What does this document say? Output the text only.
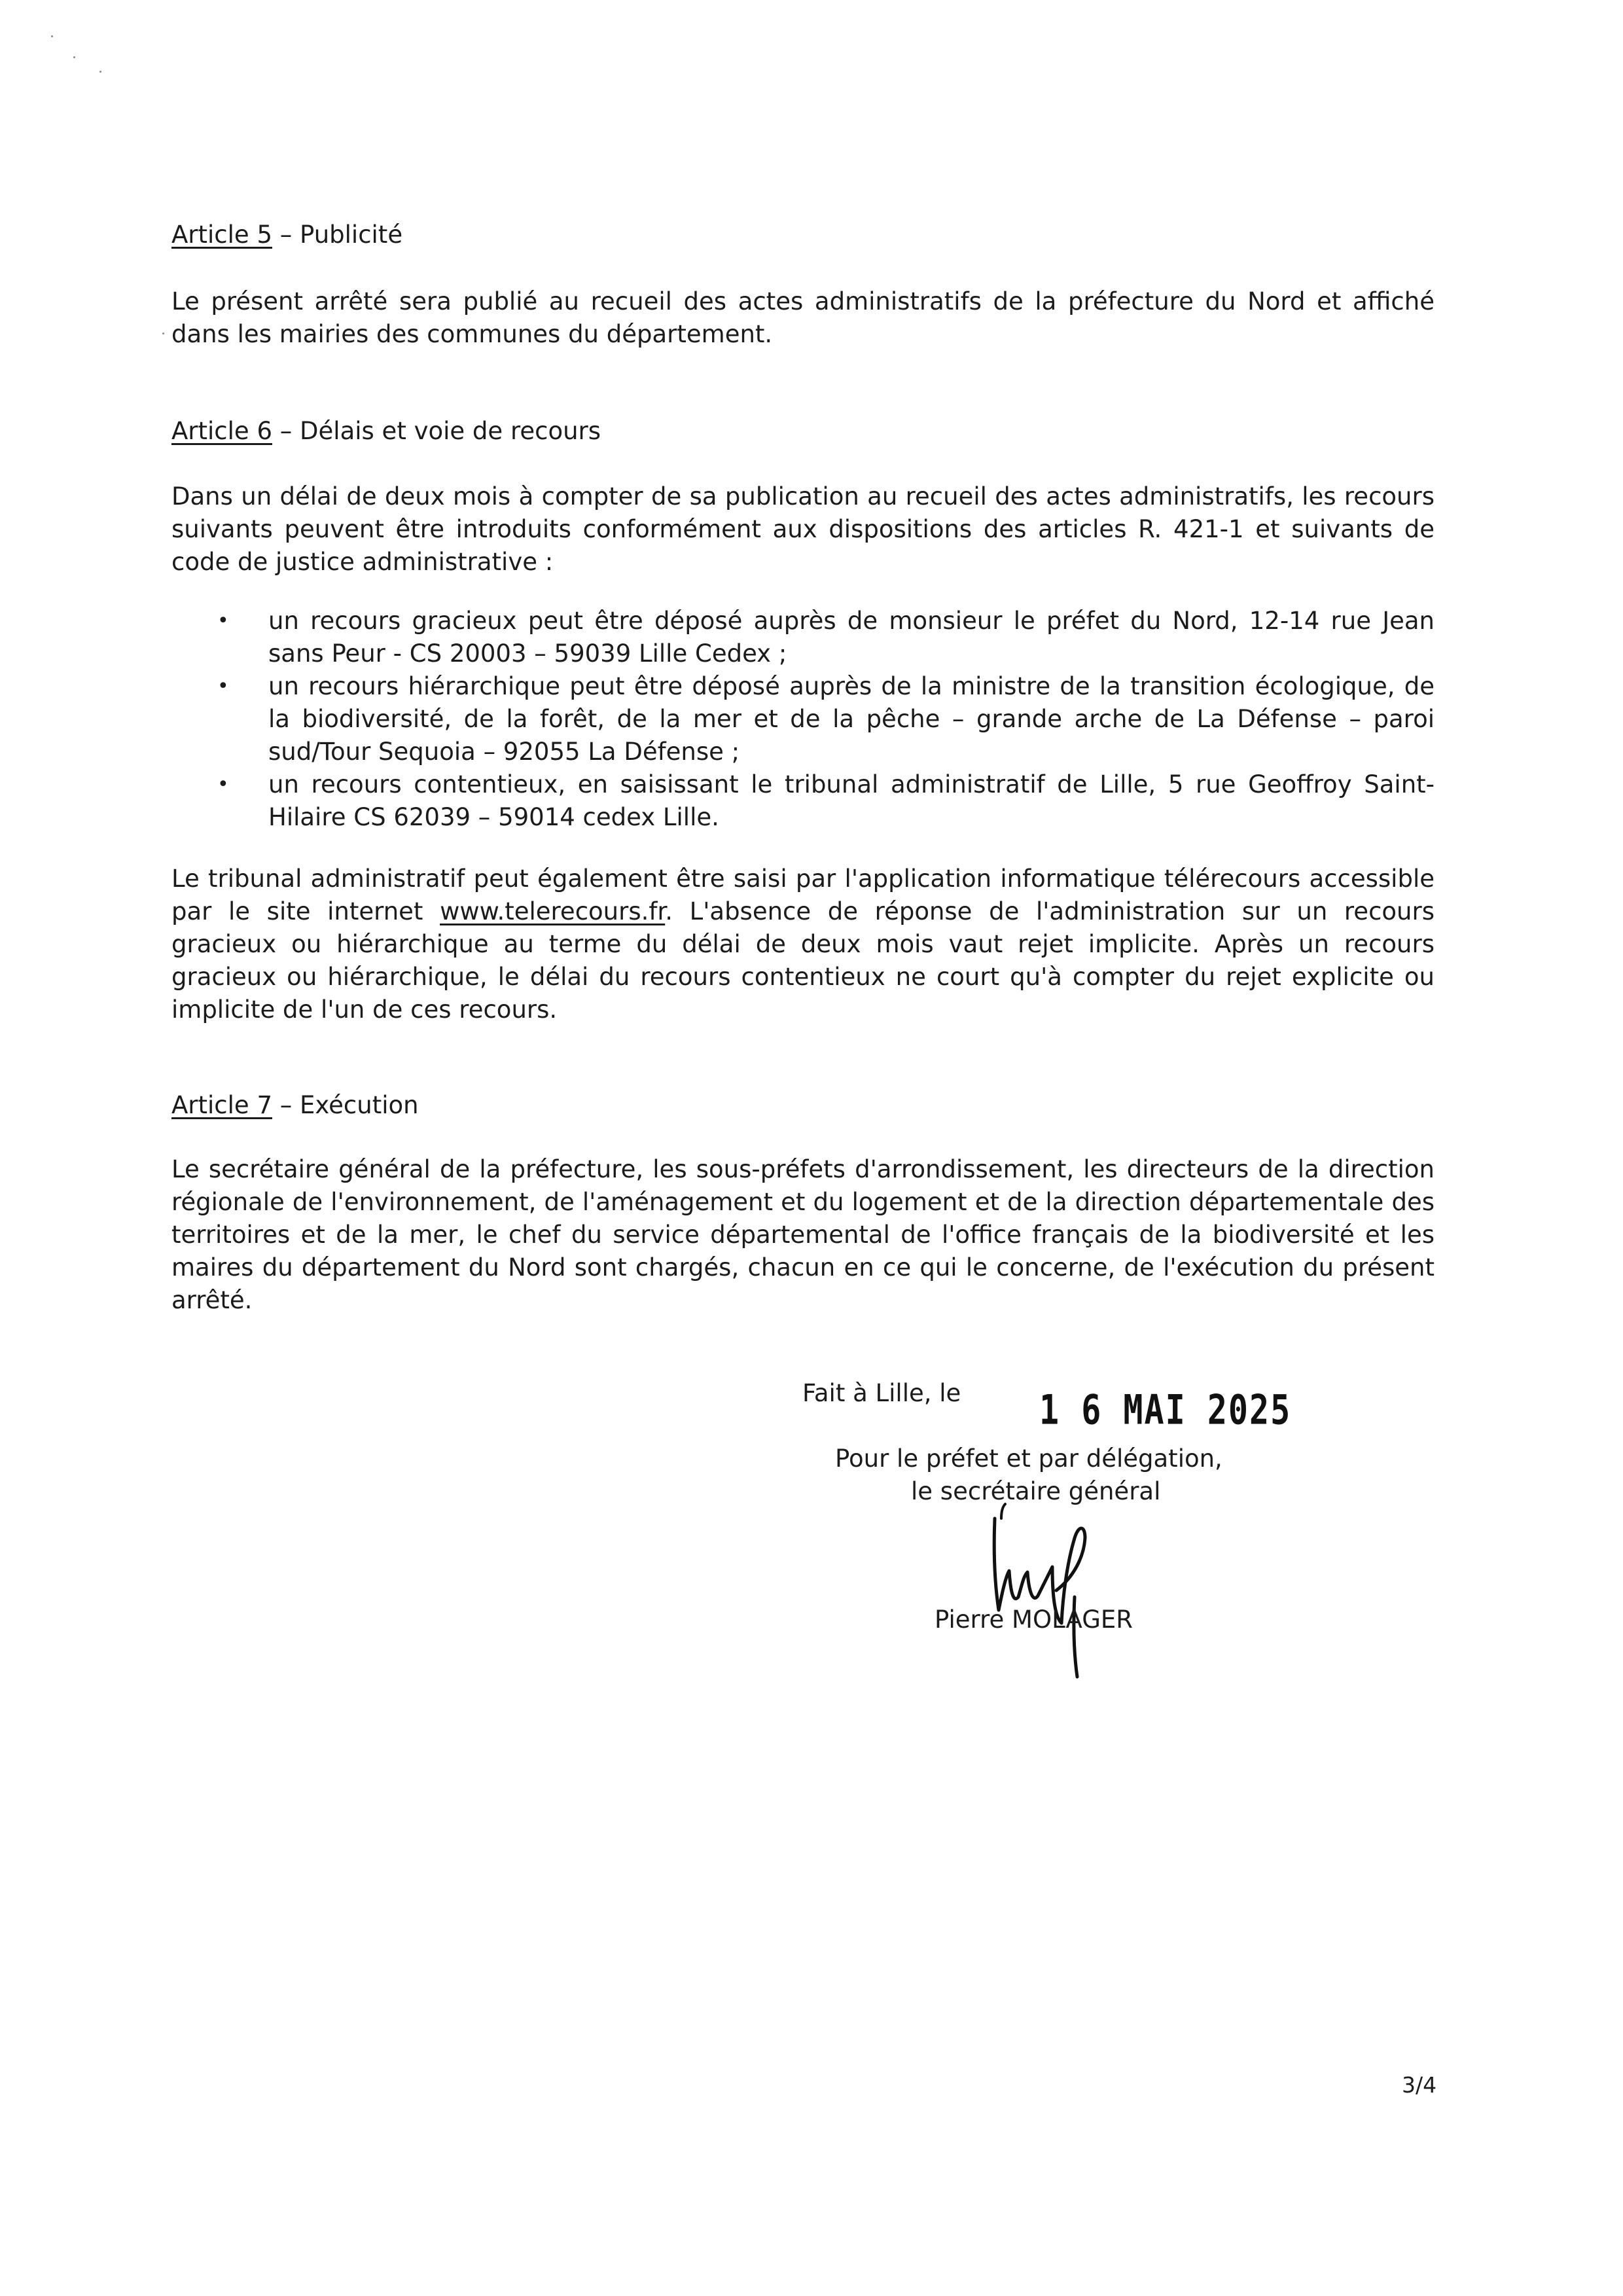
Article 5 – Publicité

Le présent arrêté sera publié au recueil des actes administratifs de la préfecture du Nord et affiché dans les mairies des communes du département.

Article 6 – Délais et voie de recours

Dans un délai de deux mois à compter de sa publication au recueil des actes administratifs, les recours suivants peuvent être introduits conformément aux dispositions des articles R. 421-1 et suivants de code de justice administrative :

• un recours gracieux peut être déposé auprès de monsieur le préfet du Nord, 12-14 rue Jean sans Peur - CS 20003 – 59039 Lille Cedex ;
• un recours hiérarchique peut être déposé auprès de la ministre de la transition écologique, de la biodiversité, de la forêt, de la mer et de la pêche – grande arche de La Défense – paroi sud/Tour Sequoia – 92055 La Défense ;
• un recours contentieux, en saisissant le tribunal administratif de Lille, 5 rue Geoffroy Saint-Hilaire CS 62039 – 59014 cedex Lille.

Le tribunal administratif peut également être saisi par l'application informatique télérecours accessible par le site internet www.telerecours.fr. L'absence de réponse de l'administration sur un recours gracieux ou hiérarchique au terme du délai de deux mois vaut rejet implicite. Après un recours gracieux ou hiérarchique, le délai du recours contentieux ne court qu'à compter du rejet explicite ou implicite de l'un de ces recours.

Article 7 – Exécution

Le secrétaire général de la préfecture, les sous-préfets d'arrondissement, les directeurs de la direction régionale de l'environnement, de l'aménagement et du logement et de la direction départementale des territoires et de la mer, le chef du service départemental de l'office français de la biodiversité et les maires du département du Nord sont chargés, chacun en ce qui le concerne, de l'exécution du présent arrêté.

Fait à Lille, le 1 6 MAI 2025
Pour le préfet et par délégation,
le secrétaire général
Pierre MOLAGER
3/4
